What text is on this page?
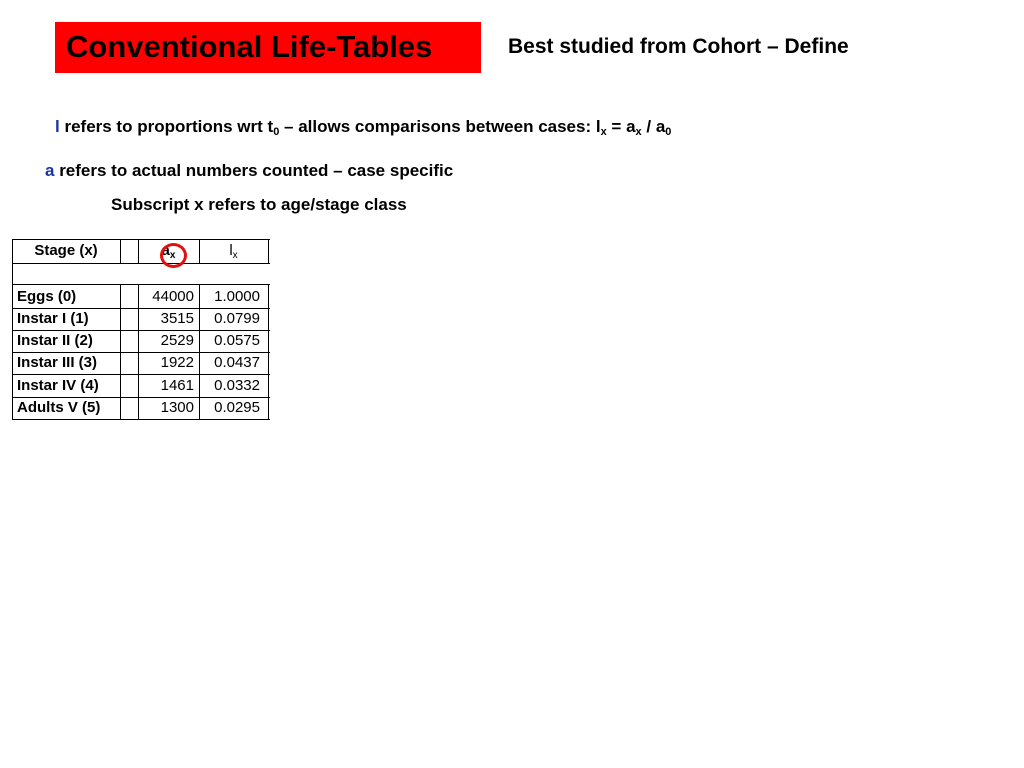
Conventional Life-Tables	Best studied from Cohort – Define
l refers to proportions wrt $t_0$ – allows comparisons between cases: $l_x = a_x / a_0$
a refers to actual numbers counted – case specific
Subscript x refers to age/stage class
Stage (x)	$a_x$	$l_x$
Eggs (0)	44000	1.0000
Instar I (1)	3515	0.0799
Instar II (2)	2529	0.0575
Instar III (3)	1922	0.0437
Instar IV (4)	1461	0.0332
Adults V (5)	1300	0.0295
